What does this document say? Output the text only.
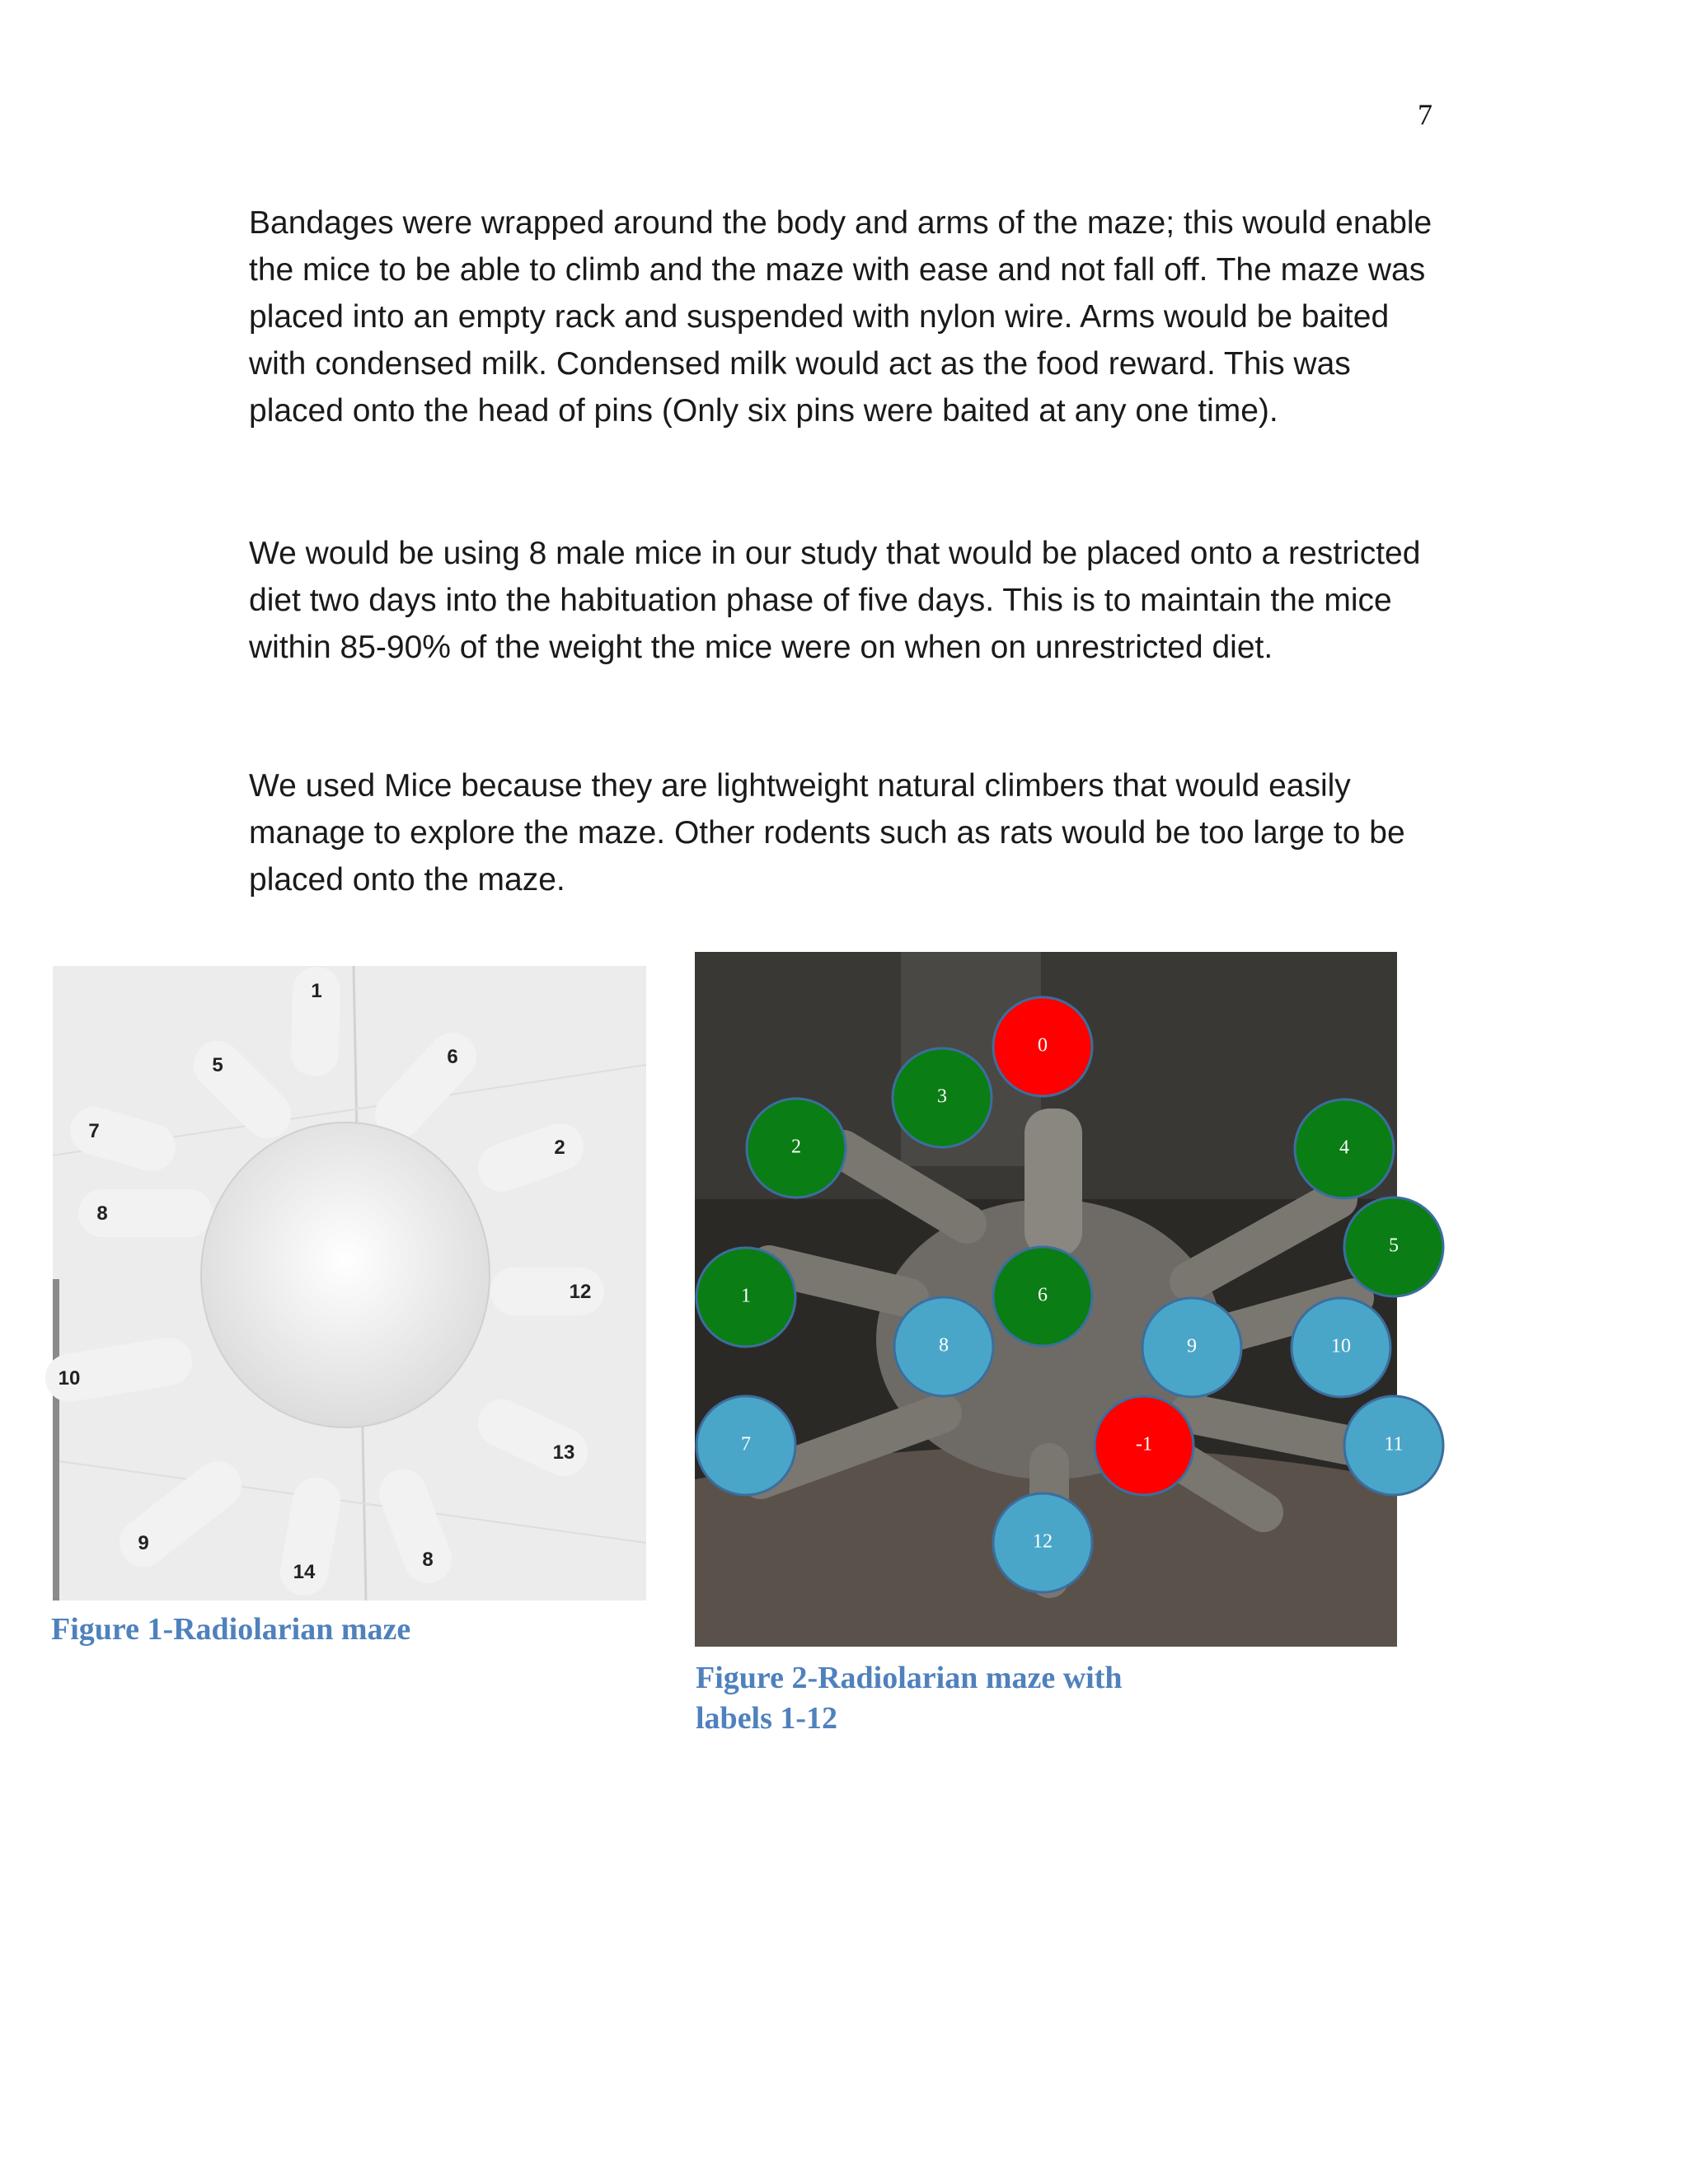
7

Bandages were wrapped around the body and arms of the maze; this would enable the mice to be able to climb and the maze with ease and not fall off. The maze was placed into an empty rack and suspended with nylon wire. Arms would be baited with condensed milk. Condensed milk would act as the food reward. This was placed onto the head of pins (Only six pins were baited at any one time).

We would be using 8 male mice in our study that would be placed onto a restricted diet two days into the habituation phase of five days. This is to maintain the mice within 85-90% of the weight the mice were on when on unrestricted diet.

We used Mice because they are lightweight natural climbers that would easily manage to explore the maze. Other rodents such as rats would be too large to be placed onto the maze.

1
5	6
7
8
2
12
10
13
9
14
8

Figure 1-Radiolarian maze

0
3
2	4
5
1	6
8	9	10
7	-1	11
12

Figure 2-Radiolarian maze with labels 1-12
